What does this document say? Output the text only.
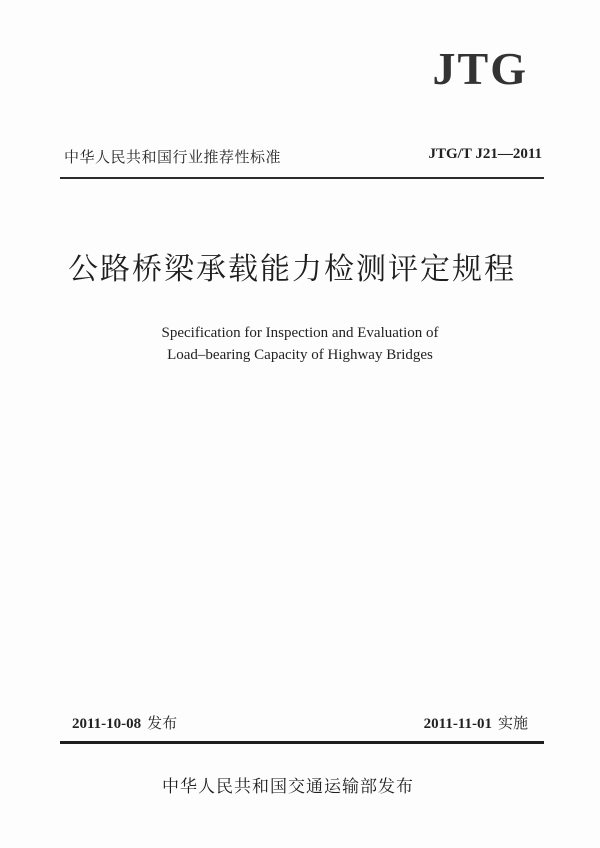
JTG
中华人民共和国行业推荐性标准	JTG/T J21—2011
公路桥梁承载能力检测评定规程
Specification for Inspection and Evaluation of
Load–bearing Capacity of Highway Bridges
2011-10-08 发布	2011-11-01 实施
中华人民共和国交通运输部发布
